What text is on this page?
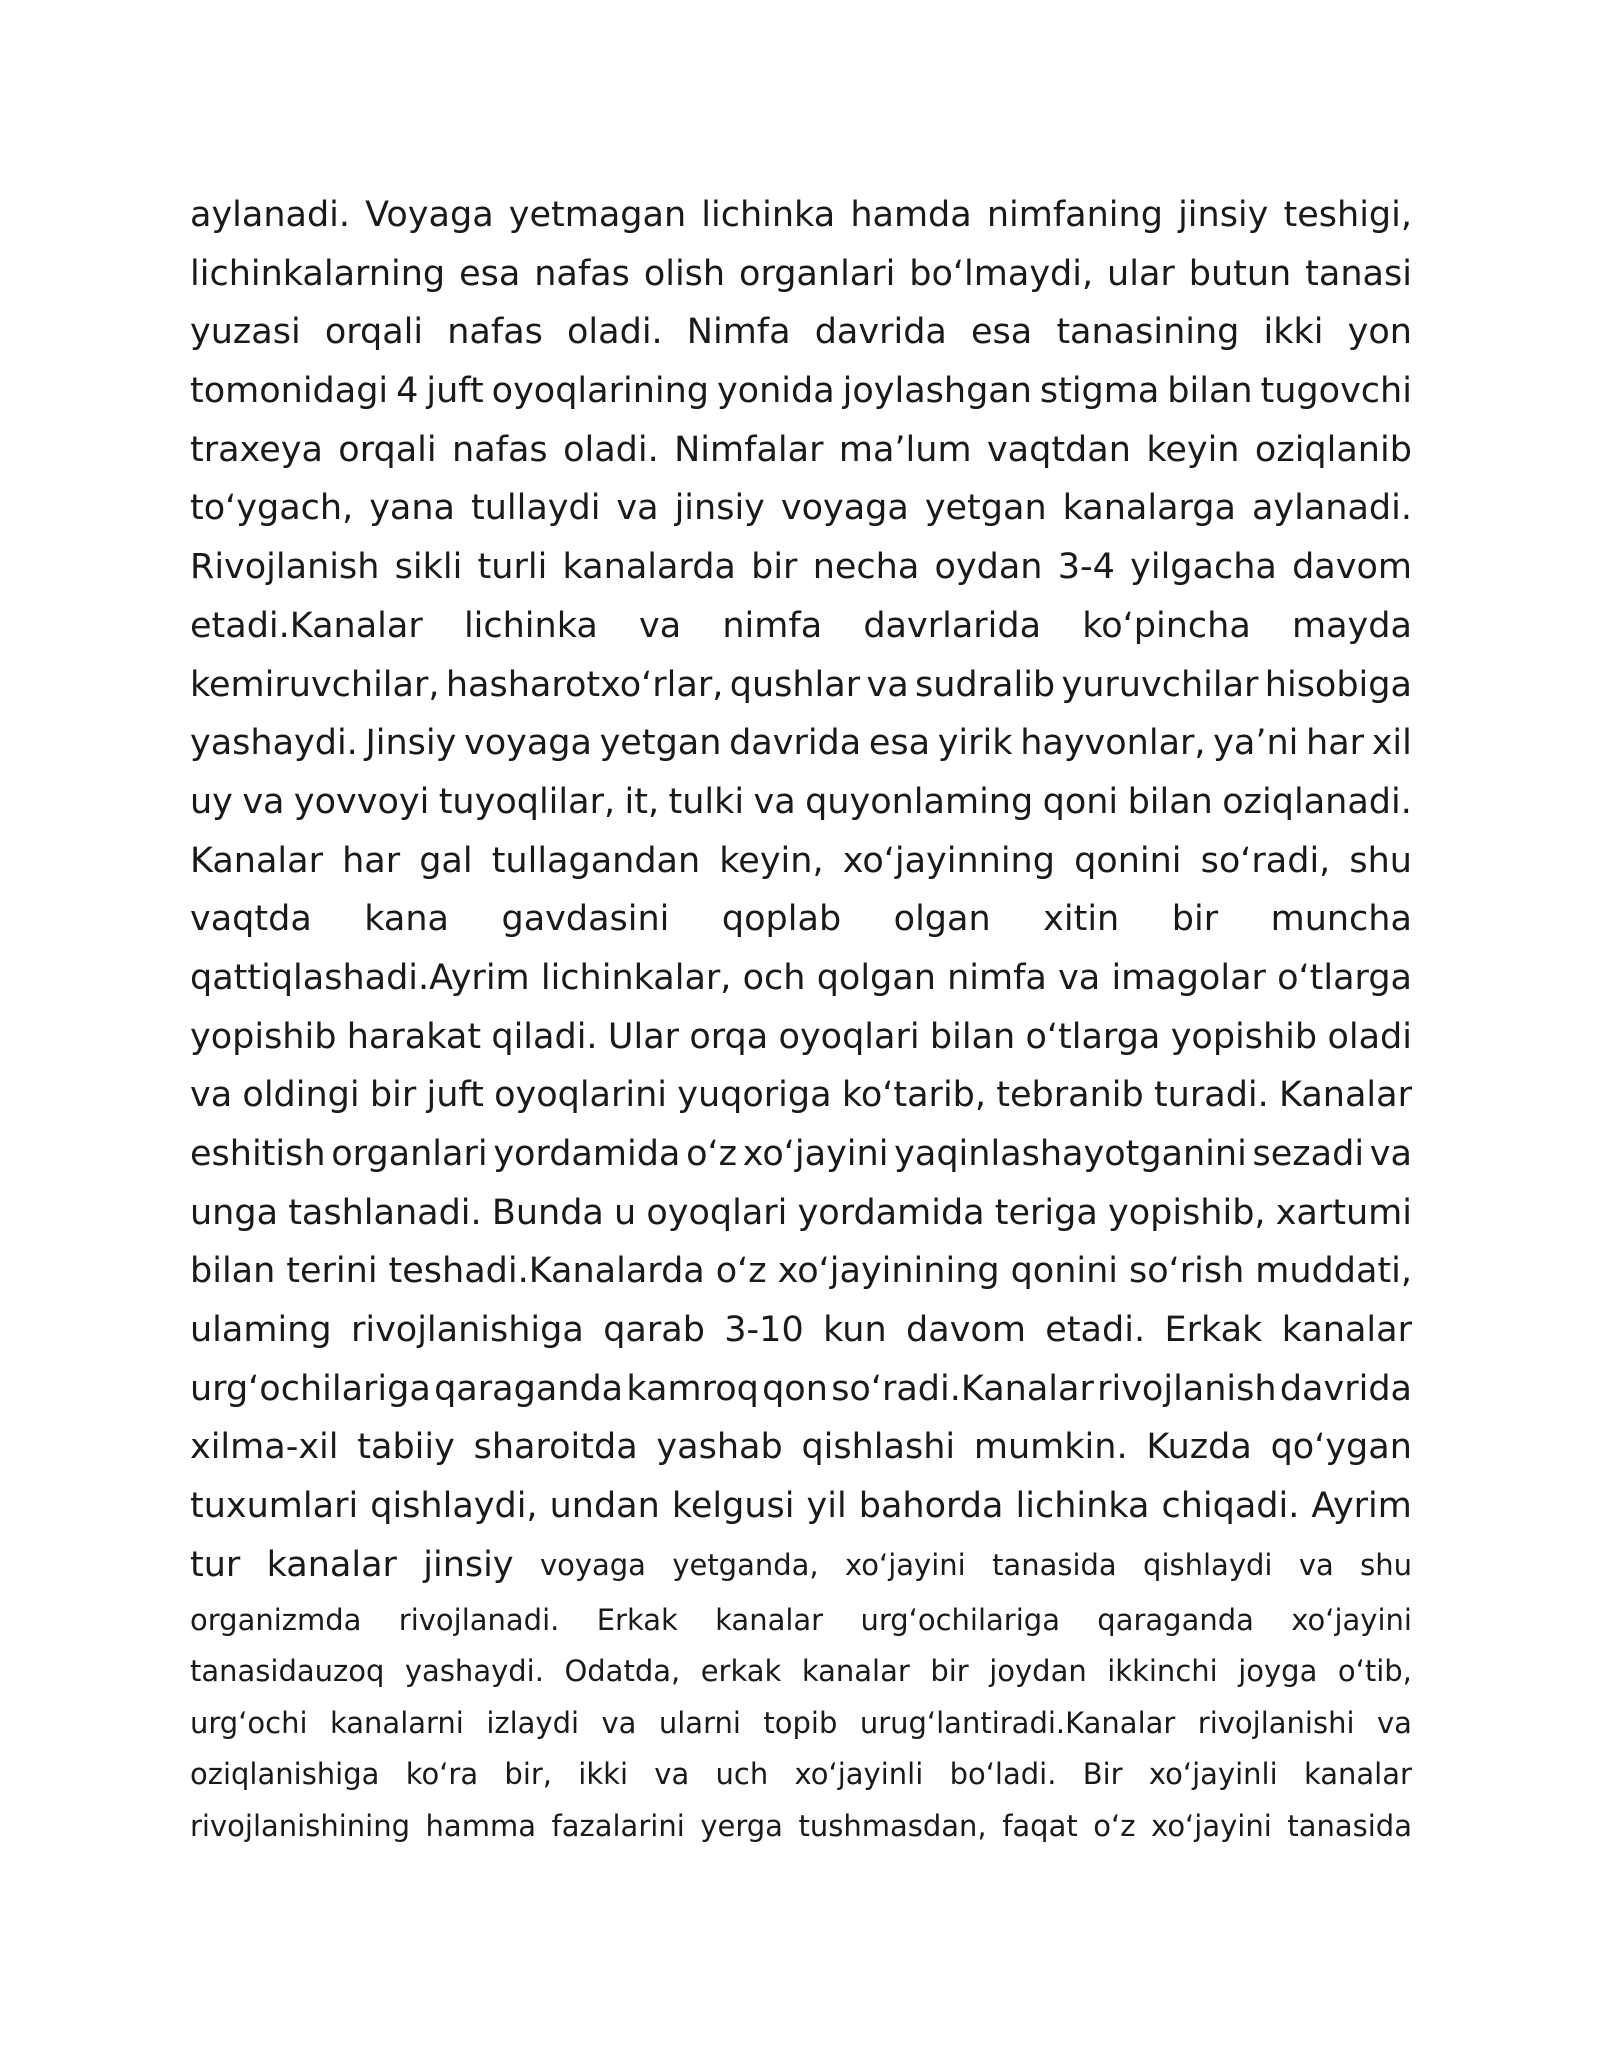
aylanadi. Voyaga yetmagan lichinka hamda nimfaning jinsiy teshigi,
lichinkalarning esa nafas olish organlari boʻlmaydi, ular butun tanasi
yuzasi orqali nafas oladi. Nimfa davrida esa tanasining ikki yon
tomonidagi 4 juft oyoqlarining yonida joylashgan stigma bilan tugovchi
traxeya orqali nafas oladi. Nimfalar ma’lum vaqtdan keyin oziqlanib
toʻygach, yana tullaydi va jinsiy voyaga yetgan kanalarga aylanadi.
Rivojlanish sikli turli kanalarda bir necha oydan 3-4 yilgacha davom
etadi.Kanalar lichinka va nimfa davrlarida koʻpincha mayda
kemiruvchilar, hasharotxoʻrlar, qushlar va sudralib yuruvchilar hisobiga
yashaydi. Jinsiy voyaga yetgan davrida esa yirik hayvonlar, ya’ni har xil
uy va yovvoyi tuyoqlilar, it, tulki va quyonlaming qoni bilan oziqlanadi.
Kanalar har gal tullagandan keyin, xoʻjayinning qonini soʻradi, shu
vaqtda kana gavdasini qoplab olgan xitin bir muncha
qattiqlashadi.Ayrim lichinkalar, och qolgan nimfa va imagolar oʻtlarga
yopishib harakat qiladi. Ular orqa oyoqlari bilan oʻtlarga yopishib oladi
va oldingi bir juft oyoqlarini yuqoriga koʻtarib, tebranib turadi. Kanalar
eshitish organlari yordamida oʻz xoʻjayini yaqinlashayotganini sezadi va
unga tashlanadi. Bunda u oyoqlari yordamida teriga yopishib, xartumi
bilan terini teshadi.Kanalarda oʻz xoʻjayinining qonini soʻrish muddati,
ulaming rivojlanishiga qarab 3-10 kun davom etadi. Erkak kanalar
urgʻochilariga qaraganda kamroq qon soʻradi.Kanalar rivojlanish davrida
xilma-xil tabiiy sharoitda yashab qishlashi mumkin. Kuzda qoʻygan
tuxumlari qishlaydi, undan kelgusi yil bahorda lichinka chiqadi. Ayrim
tur kanalar jinsiy voyaga yetganda, xoʻjayini tanasida qishlaydi va shu
organizmda rivojlanadi. Erkak kanalar urgʻochilariga qaraganda xoʻjayini
tanasidauzoq yashaydi. Odatda, erkak kanalar bir joydan ikkinchi joyga oʻtib,
urgʻochi kanalarni izlaydi va ularni topib urugʻlantiradi.Kanalar rivojlanishi va
oziqlanishiga koʻra bir, ikki va uch xoʻjayinli boʻladi. Bir xoʻjayinli kanalar
rivojlanishining hamma fazalarini yerga tushmasdan, faqat oʻz xoʻjayini tanasida
